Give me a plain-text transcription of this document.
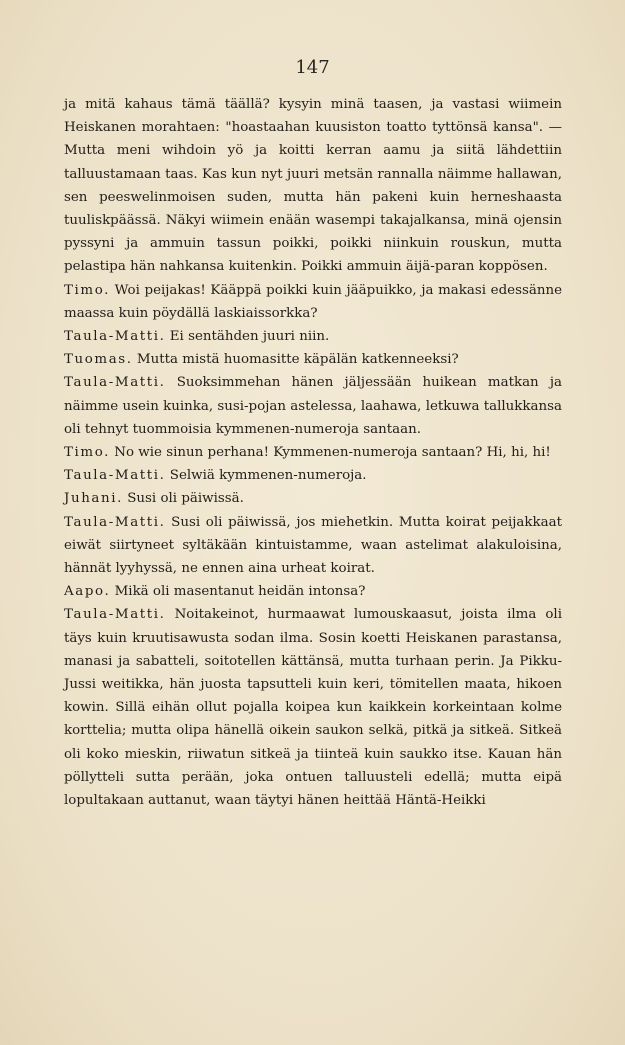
147

ja mitä kahaus tämä täällä? kysyin minä taasen, ja vastasi wiimein Heiskanen morahtaen: "hoastaahan kuusiston toatto tyttönsä kansa". — Mutta meni wihdoin yö ja koitti kerran aamu ja siitä lähdettiin talluustamaan taas. Kas kun nyt juuri metsän rannalla näimme hallawan, sen peeswelinmoisen suden, mutta hän pakeni kuin herneshaasta tuuliskpäässä. Näkyi wiimein enään wasempi takajalkansa, minä ojensin pyssyni ja ammuin tassun poikki, poikki niinkuin rouskun, mutta pelastipa hän nahkansa kuitenkin. Poikki ammuin äijä-paran koppösen.

Timo. Woi peijakas! Kääppä poikki kuin jääpuikko, ja makasi edessänne maassa kuin pöydällä laskiaissorkka?

Taula-Matti. Ei sentähden juuri niin.

Tuomas. Mutta mistä huomasitte käpälän katkenneeksi?

Taula-Matti. Suoksimmehan hänen jäljessään huikean matkan ja näimme usein kuinka, susi-pojan astelessa, laahawa, letkuwa tallukkansa oli tehnyt tuommoisia kymmenen-numeroja santaan.

Timo. No wie sinun perhana! Kymmenen-numeroja santaan? Hi, hi, hi!

Taula-Matti. Selwiä kymmenen-numeroja.

Juhani. Susi oli päiwissä.

Taula-Matti. Susi oli päiwissä, jos miehetkin. Mutta koirat peijakkaat eiwät siirtyneet syltäkään kintuistamme, waan astelimat alakuloisina, hännät lyyhyssä, ne ennen aina urheat koirat.

Aapo. Mikä oli masentanut heidän intonsa?

Taula-Matti. Noitakeinot, hurmaawat lumouskaasut, joista ilma oli täys kuin kruutisawusta sodan ilma. Sosin koetti Heiskanen parastansa, manasi ja sabatteli, soitotellen kättänsä, mutta turhaan perin. Ja Pikku-Jussi weitikka, hän juosta tapsutteli kuin keri, tömitellen maata, hikoen kowin. Sillä eihän ollut pojalla koipea kun kaikkein korkeintaan kolme korttelia; mutta olipa hänellä oikein saukon selkä, pitkä ja sitkeä. Sitkeä oli koko mieskin, riiwatun sitkeä ja tiinteä kuin saukko itse. Kauan hän pöllytteli sutta perään, joka ontuen talluusteli edellä; mutta eipä lopultakaan auttanut, waan täytyi hänen heittää Häntä-Heikki
